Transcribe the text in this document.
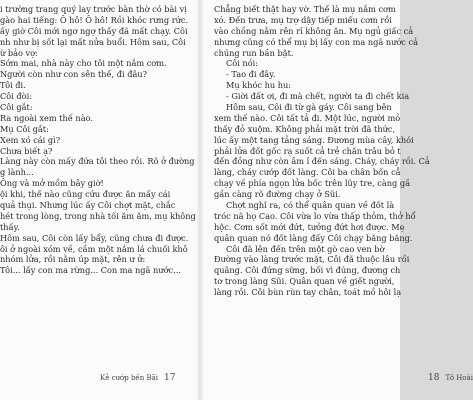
i trường trang quý lay trước bàn thờ có bài vị
gào hai tiếng: Ô hô! Ô hô! Rồi khóc rưng rức.
ấy giờ Côi mới ngơ ngợ thấy đã mất chạy. Côi
nh như bị sốt lại mất nửa buổi. Hôm sau, Côi
ừ bảo vợ:
Sớm mai, nhà này cho tôi một nắm cơm.
Người còn như con sên thế, đi đâu?
Tôi đi.
Côi đòi:
Côi gắt:
Ra ngoài xem thế nào.
Mụ Côi gắt:
Xem xó cái gì?
Chưa biết ạ?
Làng này còn mấy đứa tôi theo rồi. Rõ ở đường
g lành...
Ông và mở mồm bây giờ!
ội khi, thế nào cũng cứu được ăn mấy cái
quả thụi. Nhưng lúc ấy Côi chợt mặt, chắc
hét trong lòng, trong nhà tối ăm ăm, mụ không
thấy.
Hôm sau, Côi còn lấy bẩy, cũng chưa đi được.
ôi ở ngoài xóm về, cầm một nắm lá chuối khô
nhóm lửa, rồi nằm úp mặt, rên ư ử:
Tôi... lấy con ma rừng... Con ma ngã nước...
Kẻ cướp bến Bãi 17
Chẳng biết thật hay vờ. Thế là mụ nắm cơm
xó. Đến trưa, mụ trợ dậy tiếp miếu cơm rồi
vào chồng nằm rên rỉ không ăn. Mụ ngủ giấc cả
nhưng cũng có thể mụ bị lấy con ma ngã nước cả
chúng run bần bật.
Côi nói:
- Tao đi đây.
Mụ khóc hu hu:
- Giời đất ơi, đi mà chết, người ta đi chết kia
Hôm sau, Côi đi từ gà gáy. Côi sang bên
xem thế nào. Côi tất tả đi. Một lúc, người mỏ
thấy đỏ xuộm. Không phải mặt trời đã thức,
lúc ấy một tang tảng sáng. Đương mùa cây, khói
phải lửa đốt gốc rạ suốt cả trẻ chăn trâu bỏ t
đến đồng như còn âm ỉ đến sáng. Cháy, cháy rồi. Cả
làng, cháy cướp đốt làng. Côi ba chân bốn cẳ
chạy về phía ngọn lửa bốc trên lũy tre, càng gầ
gần càng rõ đường chạy ở Sũi.
Chợt nghĩ ra, có thể quân quan về đốt là
tróc nã họ Cao. Côi vừa lo vừa thấp thỏm, thở hổ
hộc. Cơm sốt mới đứt, tưởng đứt hơi được. Mẹ
quân quan nó đốt làng đấy Côi chạy băng băng.
Côi đã lên đến trên một gò cao ven bờ
Đường vào làng trước mặt, Côi đã thuộc lâu rồi
quãng. Côi đứng sững, bối vì đúng, đương ch
tơ trong làng Sũi. Quân quan về giết người,
làng rồi. Côi bùn rùn tay chân, toát mồ hôi lạ
18 Tô Hoài
